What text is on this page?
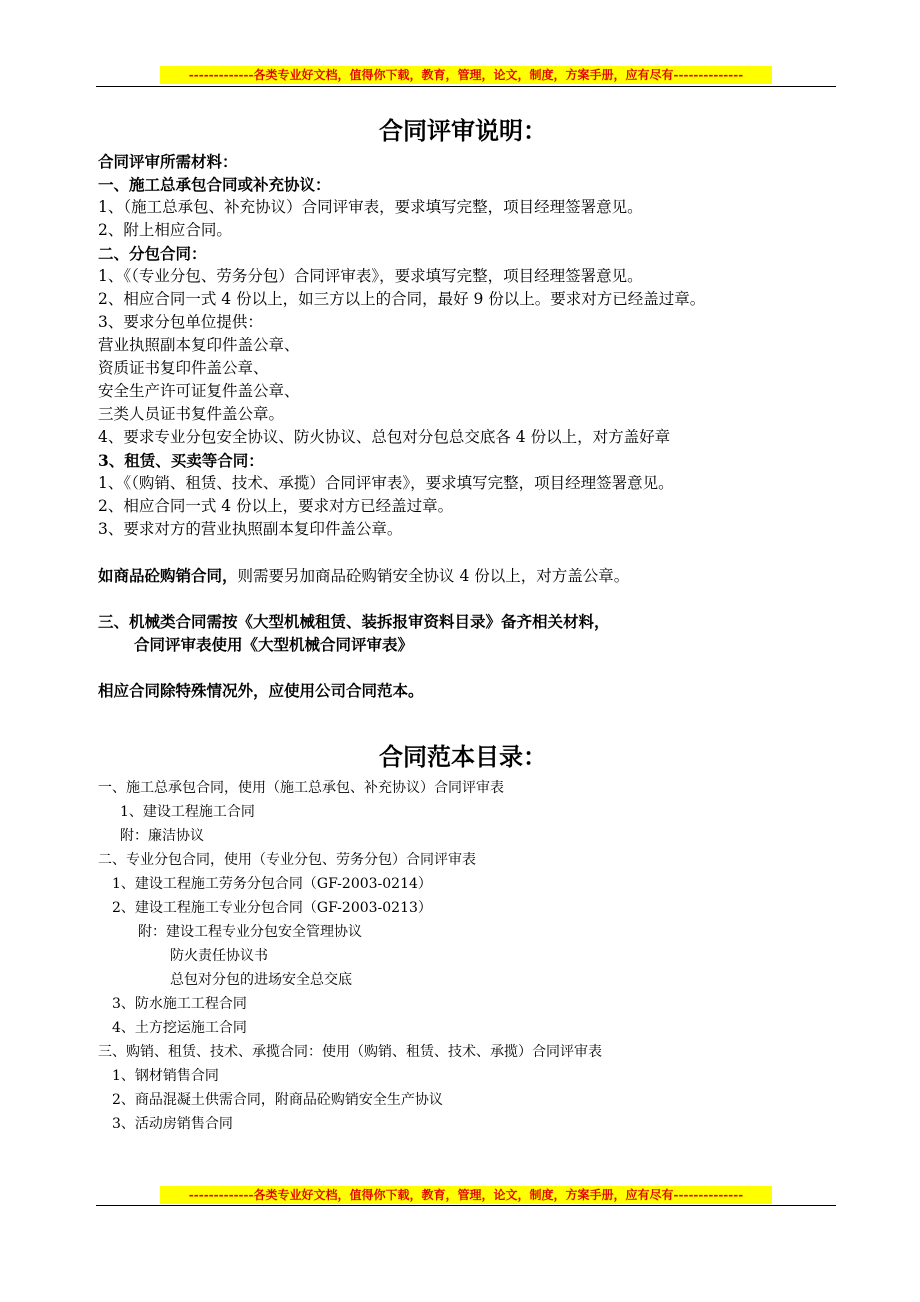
-------------各类专业好文档，值得你下载，教育，管理，论文，制度，方案手册，应有尽有--------------
合同评审说明：
合同评审所需材料：
一、施工总承包合同或补充协议：
1、（施工总承包、补充协议）合同评审表，要求填写完整，项目经理签署意见。
2、附上相应合同。
二、分包合同：
1、《（专业分包、劳务分包）合同评审表》，要求填写完整，项目经理签署意见。
2、相应合同一式 4 份以上，如三方以上的合同，最好 9 份以上。要求对方已经盖过章。
3、要求分包单位提供：
营业执照副本复印件盖公章、
资质证书复印件盖公章、
安全生产许可证复件盖公章、
三类人员证书复件盖公章。
4、要求专业分包安全协议、防火协议、总包对分包总交底各 4 份以上，对方盖好章
3、租赁、买卖等合同：
1、《（购销、租赁、技术、承揽）合同评审表》，要求填写完整，项目经理签署意见。
2、相应合同一式 4 份以上，要求对方已经盖过章。
3、要求对方的营业执照副本复印件盖公章。
如商品砼购销合同，则需要另加商品砼购销安全协议 4 份以上，对方盖公章。
三、机械类合同需按《大型机械租赁、装拆报审资料目录》备齐相关材料，
合同评审表使用《大型机械合同评审表》
相应合同除特殊情况外，应使用公司合同范本。
合同范本目录：
一、施工总承包合同，使用（施工总承包、补充协议）合同评审表
1、建设工程施工合同
附：廉洁协议
二、专业分包合同，使用（专业分包、劳务分包）合同评审表
1、建设工程施工劳务分包合同（GF-2003-0214）
2、建设工程施工专业分包合同（GF-2003-0213）
附：建设工程专业分包安全管理协议
防火责任协议书
总包对分包的进场安全总交底
3、防水施工工程合同
4、土方挖运施工合同
三、购销、租赁、技术、承揽合同：使用（购销、租赁、技术、承揽）合同评审表
1、钢材销售合同
2、商品混凝土供需合同，附商品砼购销安全生产协议
3、活动房销售合同
-------------各类专业好文档，值得你下载，教育，管理，论文，制度，方案手册，应有尽有--------------
